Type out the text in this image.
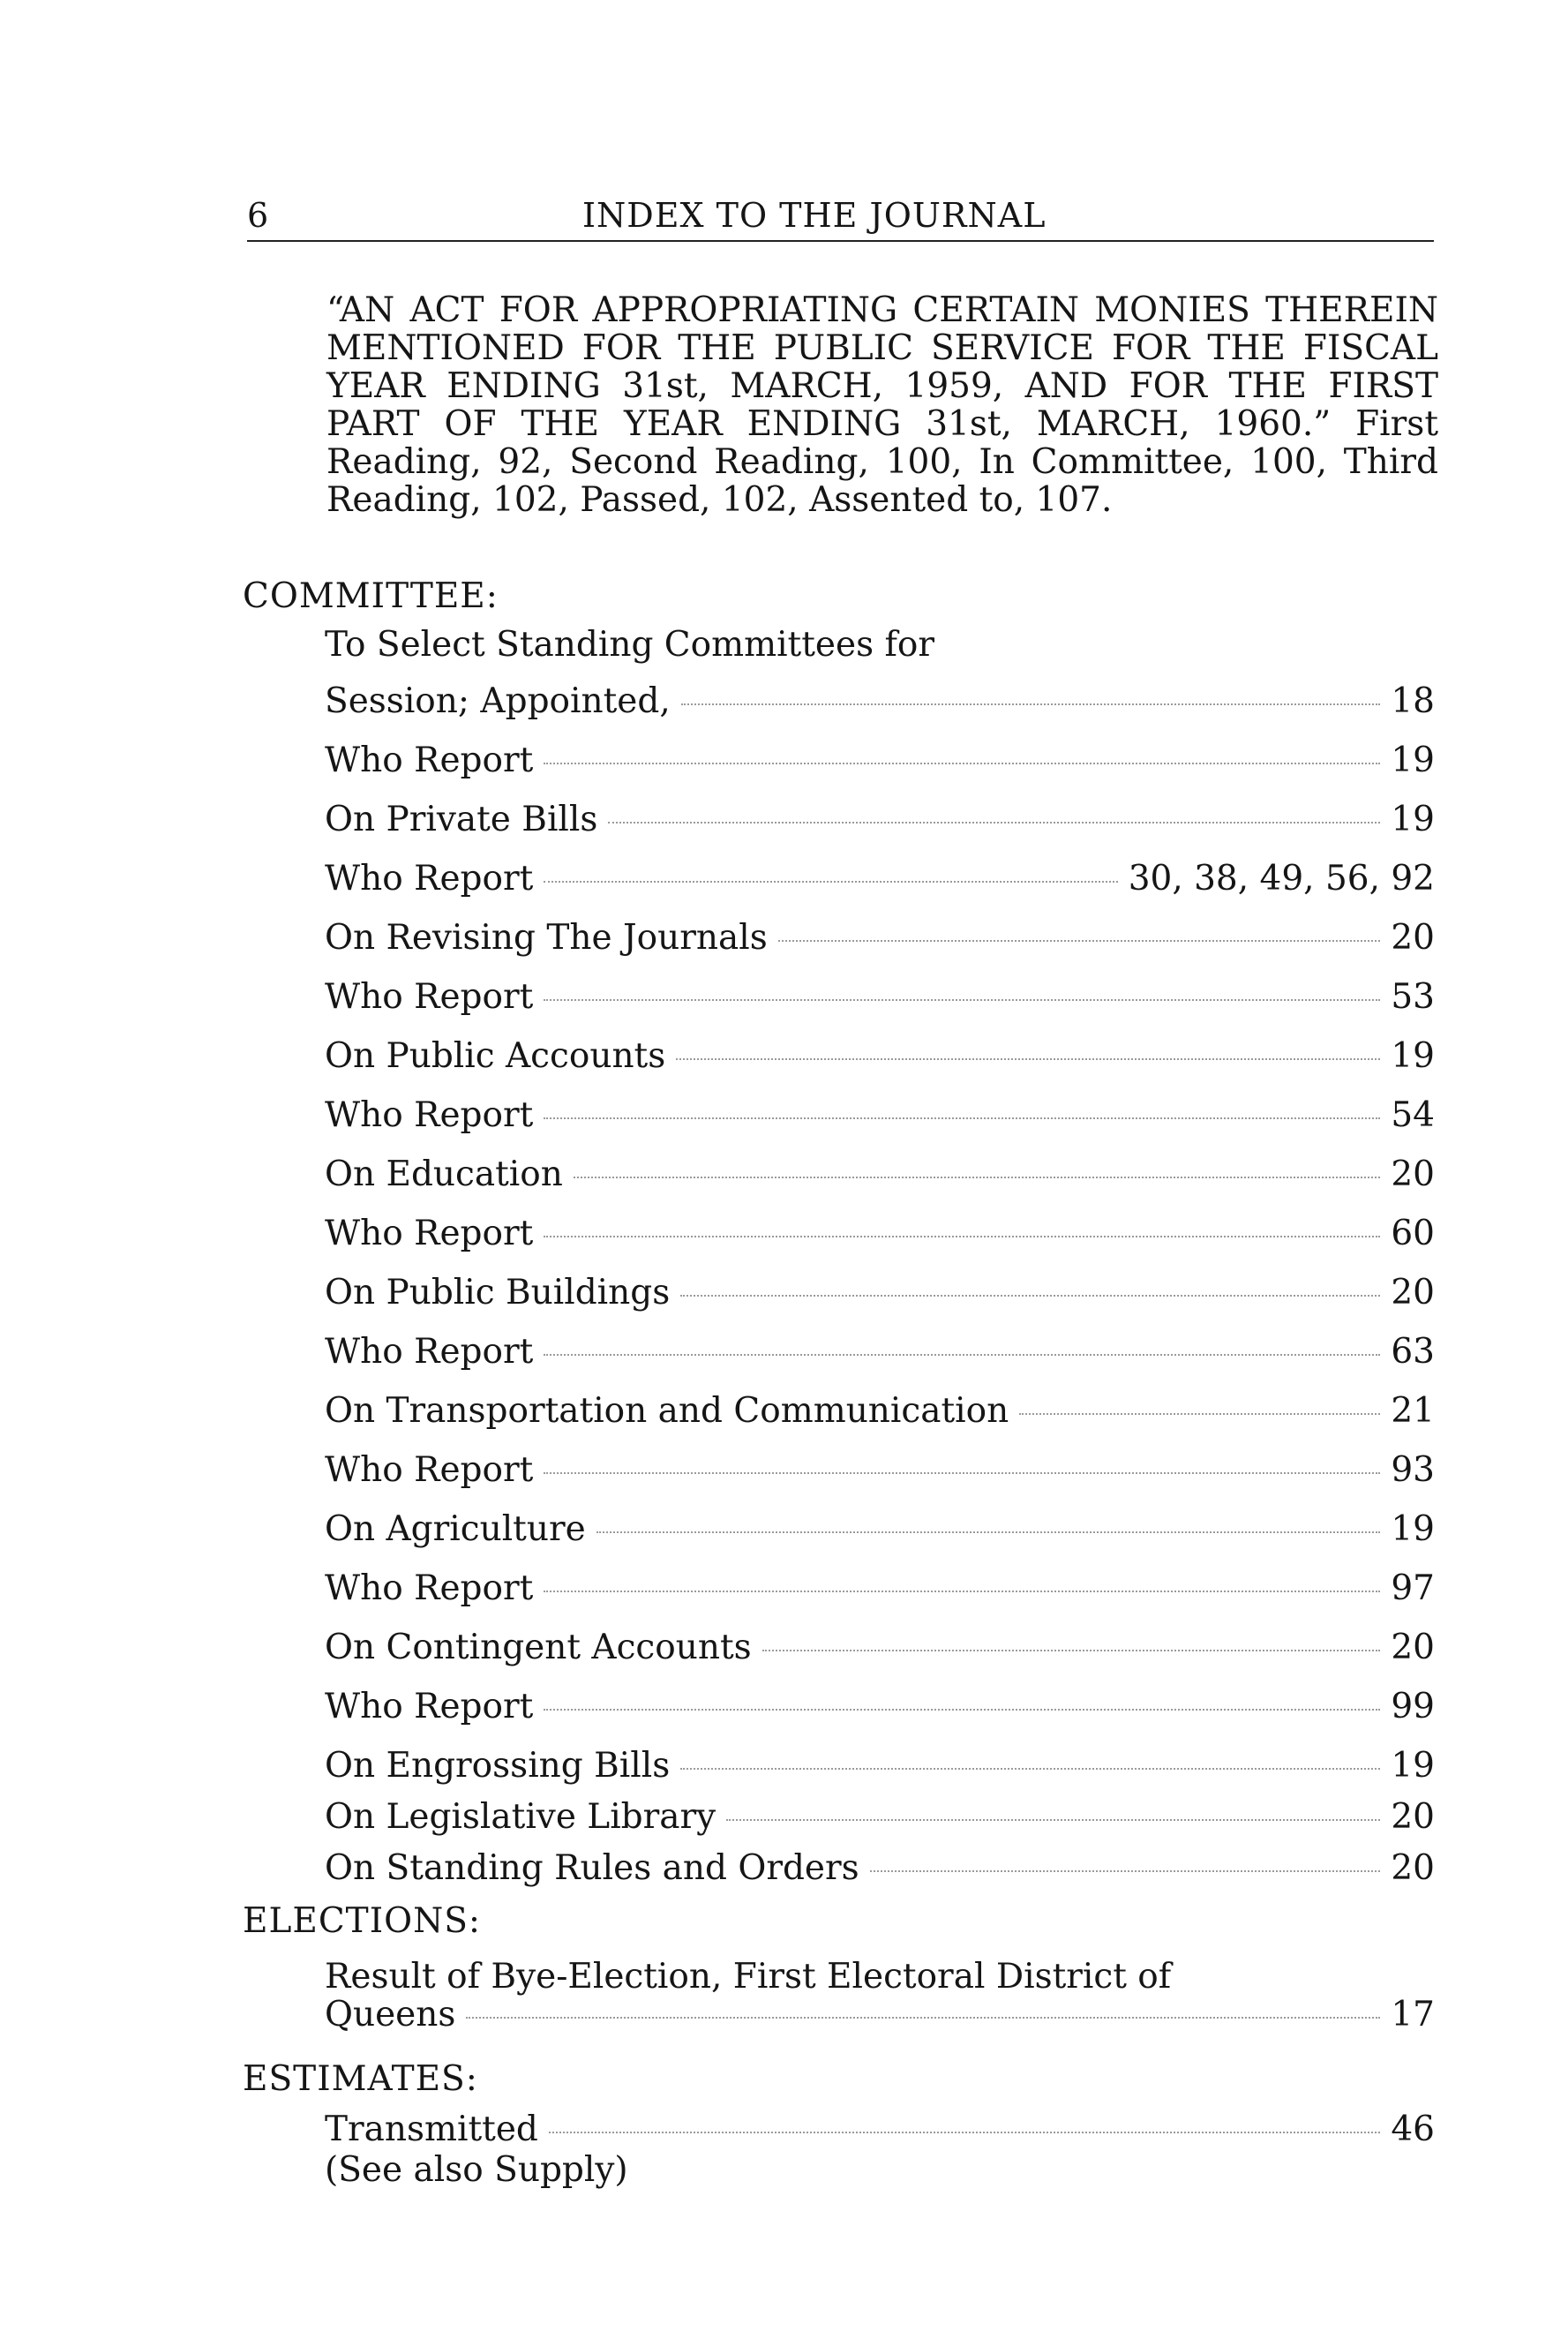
6	INDEX TO THE JOURNAL
“AN ACT FOR APPROPRIATING CERTAIN MONIES THEREIN MENTIONED FOR THE PUBLIC SERVICE FOR THE FISCAL YEAR ENDING 31st, MARCH, 1959, AND FOR THE FIRST PART OF THE YEAR ENDING 31st, MARCH, 1960.” First Reading, 92, Second Reading, 100, In Committee, 100, Third Reading, 102, Passed, 102, Assented to, 107.
COMMITTEE:
To Select Standing Committees for
Session; Appointed,	18
Who Report	19
On Private Bills	19
Who Report	30, 38, 49, 56, 92
On Revising The Journals	20
Who Report	53
On Public Accounts	19
Who Report	54
On Education	20
Who Report	60
On Public Buildings	20
Who Report	63
On Transportation and Communication	21
Who Report	93
On Agriculture	19
Who Report	97
On Contingent Accounts	20
Who Report	99
On Engrossing Bills	19
On Legislative Library	20
On Standing Rules and Orders	20
ELECTIONS:
Result of Bye-Election, First Electoral District of
Queens	17
ESTIMATES:
Transmitted	46
(See also Supply)
